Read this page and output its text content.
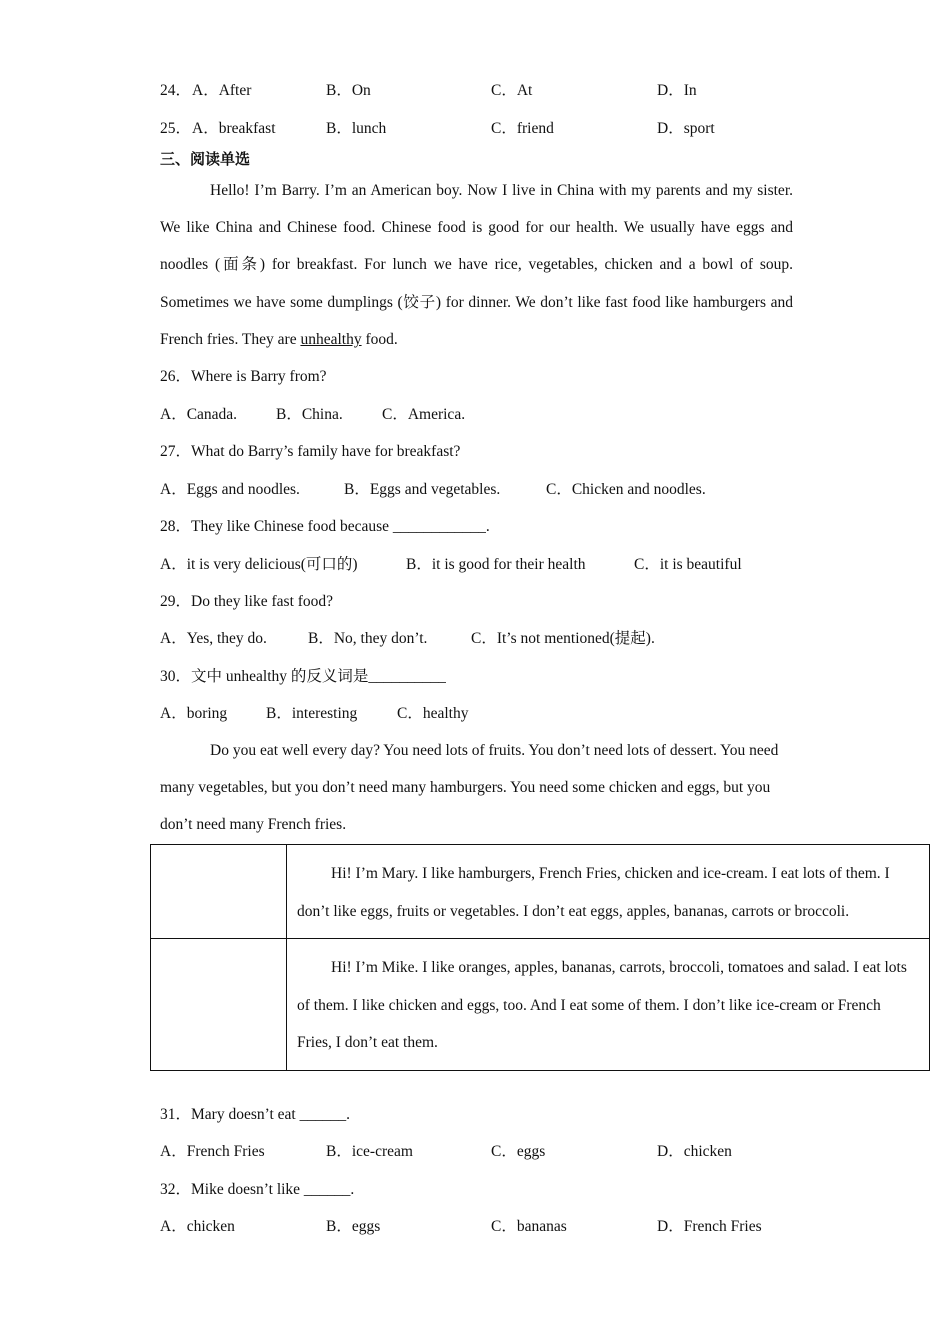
24． A．After	B．On	C．At	D．In
25． A．breakfast	B．lunch	C．friend	D．sport
三、阅读单选

Hello! I’m Barry. I’m an American boy. Now I live in China with my parents and my sister. We like China and Chinese food. Chinese food is good for our health. We usually have eggs and noodles (面条) for breakfast. For lunch we have rice, vegetables, chicken and a bowl of soup. Sometimes we have some dumplings (饺子) for dinner. We don’t like fast food like hamburgers and French fries. They are unhealthy food.

26．Where is Barry from?
A．Canada.	B．China.	C．America.
27．What do Barry’s family have for breakfast?
A．Eggs and noodles.	B．Eggs and vegetables.	C．Chicken and noodles.
28．They like Chinese food because ____________.
A．it is very delicious(可口的)	B．it is good for their health	C．it is beautiful
29．Do they like fast food?
A．Yes, they do.	B．No, they don’t.	C．It’s not mentioned(提起).
30．文中 unhealthy 的反义词是__________
A．boring	B．interesting	C．healthy

Do you eat well every day? You need lots of fruits. You don’t need lots of dessert. You need many vegetables, but you don’t need many hamburgers. You need some chicken and eggs, but you don’t need many French fries.

	Hi! I’m Mary. I like hamburgers, French Fries, chicken and ice-cream. I eat lots of them. I don’t like eggs, fruits or vegetables. I don’t eat eggs, apples, bananas, carrots or broccoli.

	Hi! I’m Mike. I like oranges, apples, bananas, carrots, broccoli, tomatoes and salad. I eat lots of them. I like chicken and eggs, too. And I eat some of them. I don’t like ice-cream or French Fries, I don’t eat them.

31．Mary doesn’t eat ______.
A．French Fries	B．ice-cream	C．eggs	D．chicken
32．Mike doesn’t like ______.
A．chicken	B．eggs	C．bananas	D．French Fries
